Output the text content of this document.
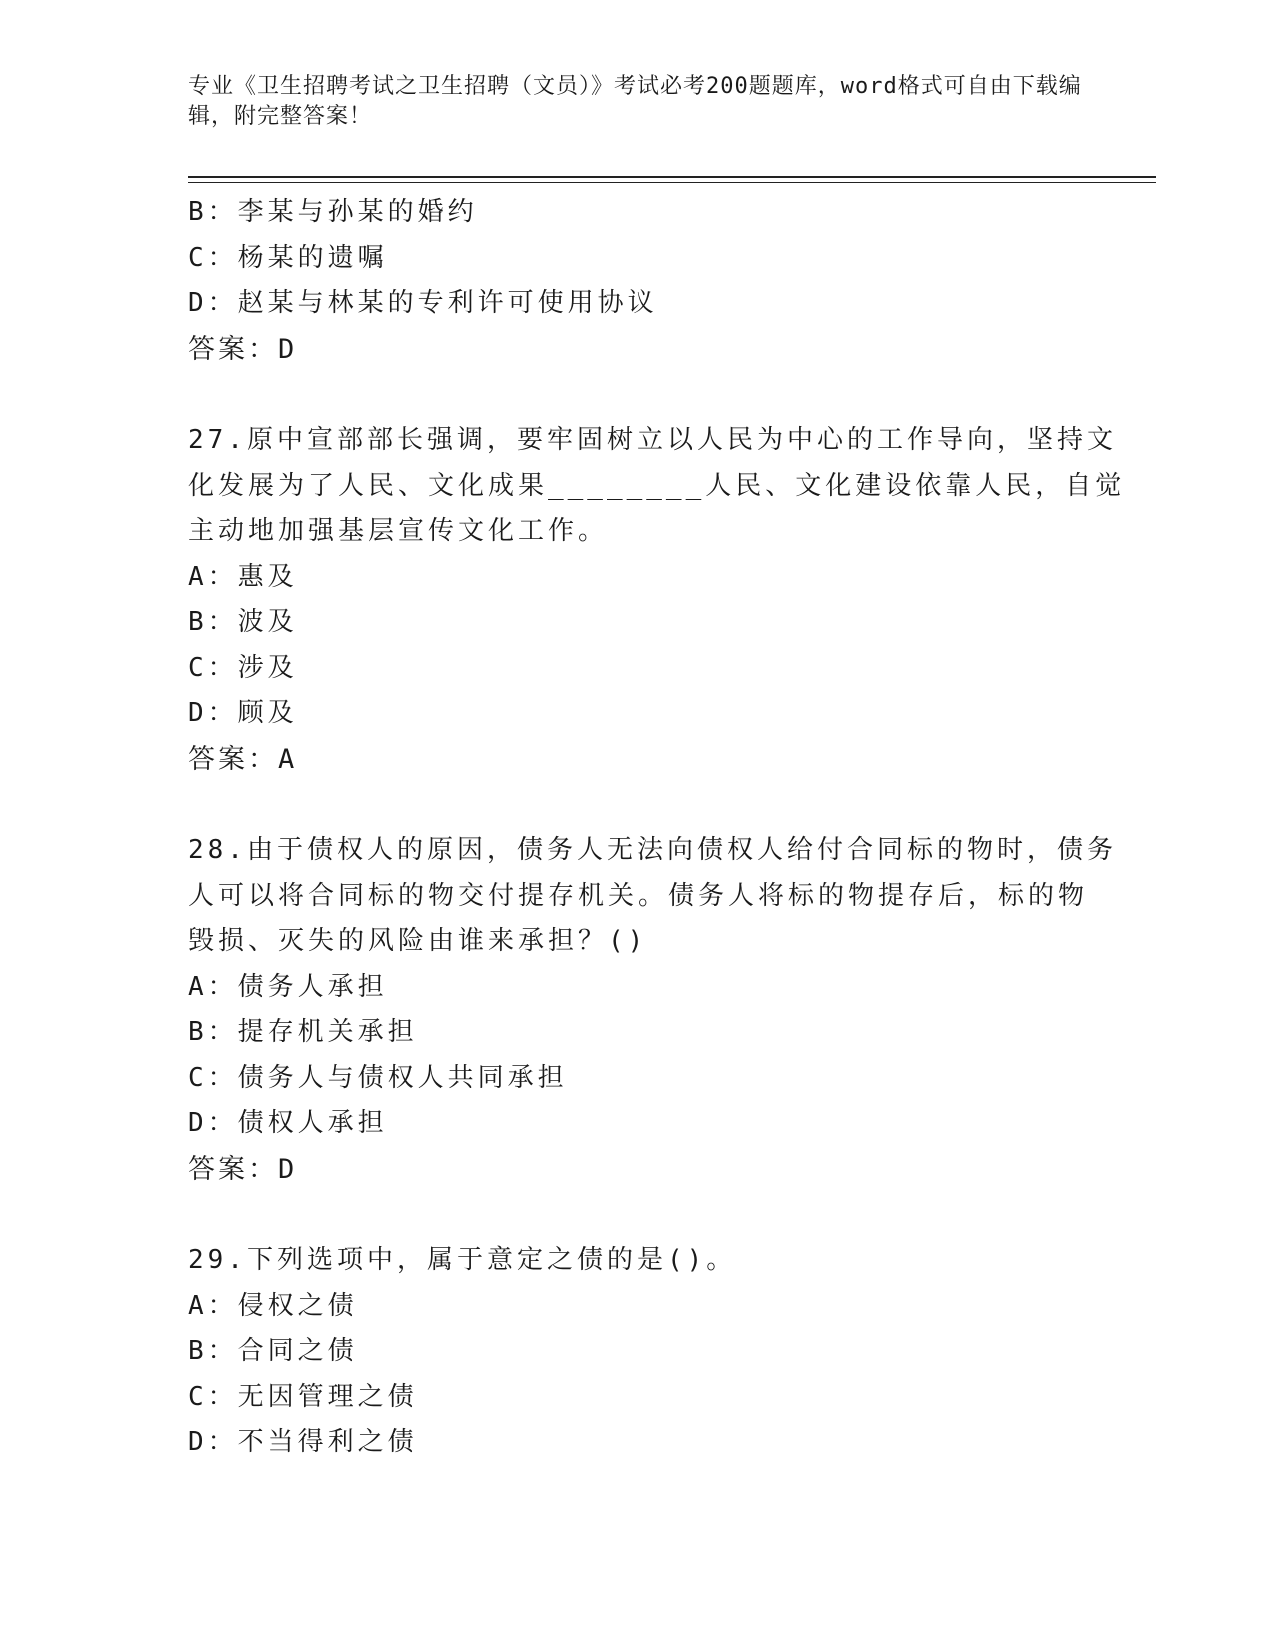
专业《卫生招聘考试之卫生招聘（文员）》考试必考200题题库，word格式可自由下载编辑，附完整答案！
B：李某与孙某的婚约
C：杨某的遗嘱
D：赵某与林某的专利许可使用协议
答案：D
27.原中宣部部长强调，要牢固树立以人民为中心的工作导向，坚持文
化发展为了人民、文化成果________人民、文化建设依靠人民，自觉
主动地加强基层宣传文化工作。
A：惠及
B：波及
C：涉及
D：顾及
答案：A
28.由于债权人的原因，债务人无法向债权人给付合同标的物时，债务
人可以将合同标的物交付提存机关。债务人将标的物提存后，标的物
毁损、灭失的风险由谁来承担？()
A：债务人承担
B：提存机关承担
C：债务人与债权人共同承担
D：债权人承担
答案：D
29.下列选项中，属于意定之债的是()。
A：侵权之债
B：合同之债
C：无因管理之债
D：不当得利之债
